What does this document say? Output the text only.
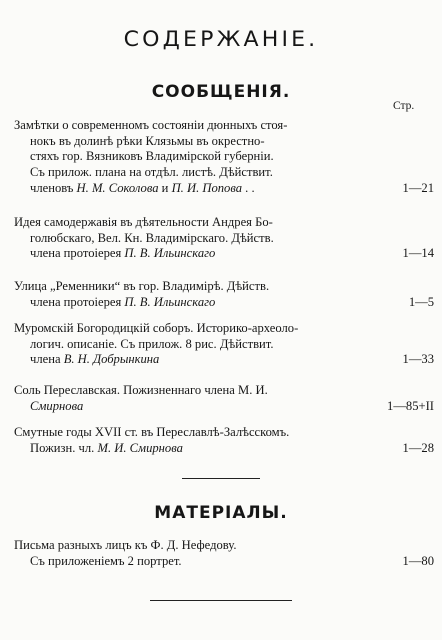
СОДЕРЖАНІЕ.
СООБЩЕНІЯ.
Стр.
Замѣтки о современномъ состояніи дюнныхъ стоя-
нокъ въ долинѣ рѣки Клязьмы въ окрестно-
стяхъ гор. Вязниковъ Владимірской губерніи.
Съ прилож. плана на отдѣл. листѣ. Дѣйствит.
членовъ Н. М. Соколова и П. И. Попова . .	1—21
Идея самодержавія въ дѣятельности Андрея Бо-
голюбскаго, Вел. Кн. Владимірскаго. Дѣйств.
члена протоіерея П. В. Ильинскаго	1—14
Улица „Ременники“ въ гор. Владимірѣ. Дѣйств.
члена протоіерея П. В. Ильинскаго	1—5
Муромскій Богородицкій соборъ. Историко-археоло-
логич. описаніе. Съ прилож. 8 рис. Дѣйствит.
члена В. Н. Добрынкина	1—33
Соль Переславская. Пожизненнаго члена М. И.
Смирнова	1—85+II
Смутные годы XVII ст. въ Переславлѣ-Залѣсскомъ.
Пожизн. чл. М. И. Смирнова	1—28
МАТЕРІАЛЫ.
Письма разныхъ лицъ къ Ф. Д. Нефедову.
Съ приложеніемъ 2 портрет.	1—80
